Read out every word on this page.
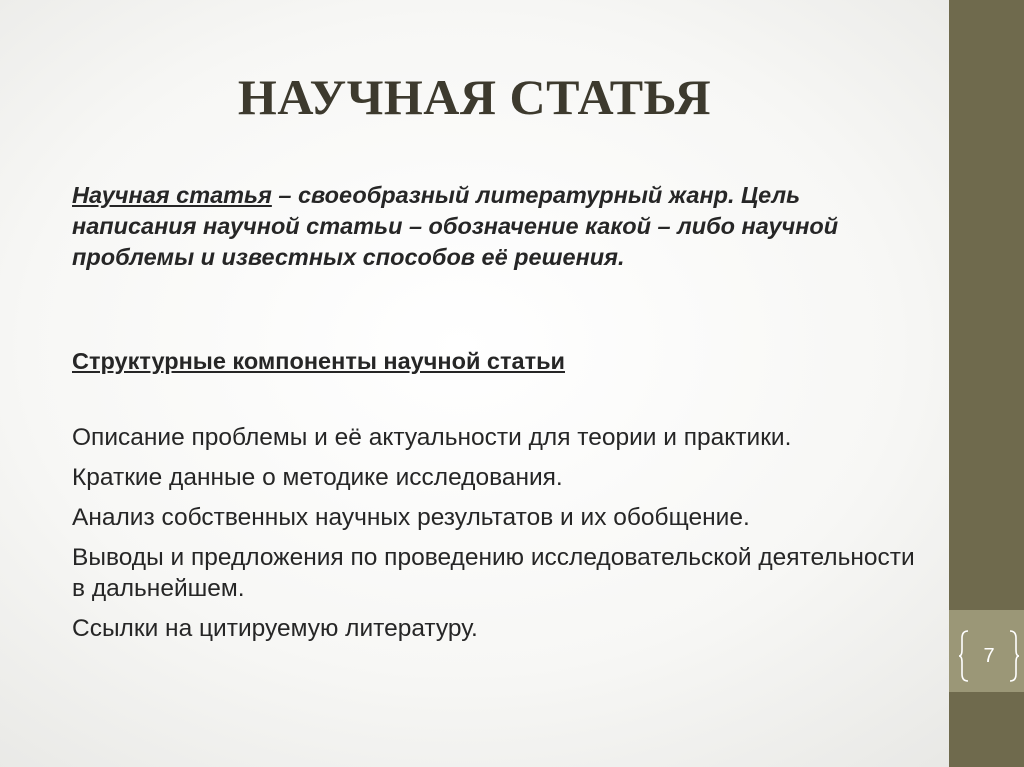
7
НАУЧНАЯ СТАТЬЯ

Научная статья – своеобразный литературный жанр. Цель написания научной статьи – обозначение какой – либо научной проблемы и известных способов её решения.

Структурные компоненты научной статьи
Описание проблемы и её актуальности для теории и практики.
Краткие данные о методике исследования.
Анализ собственных научных результатов и их обобщение.
Выводы и предложения по проведению исследовательской деятельности в дальнейшем.
Ссылки на цитируемую литературу.
